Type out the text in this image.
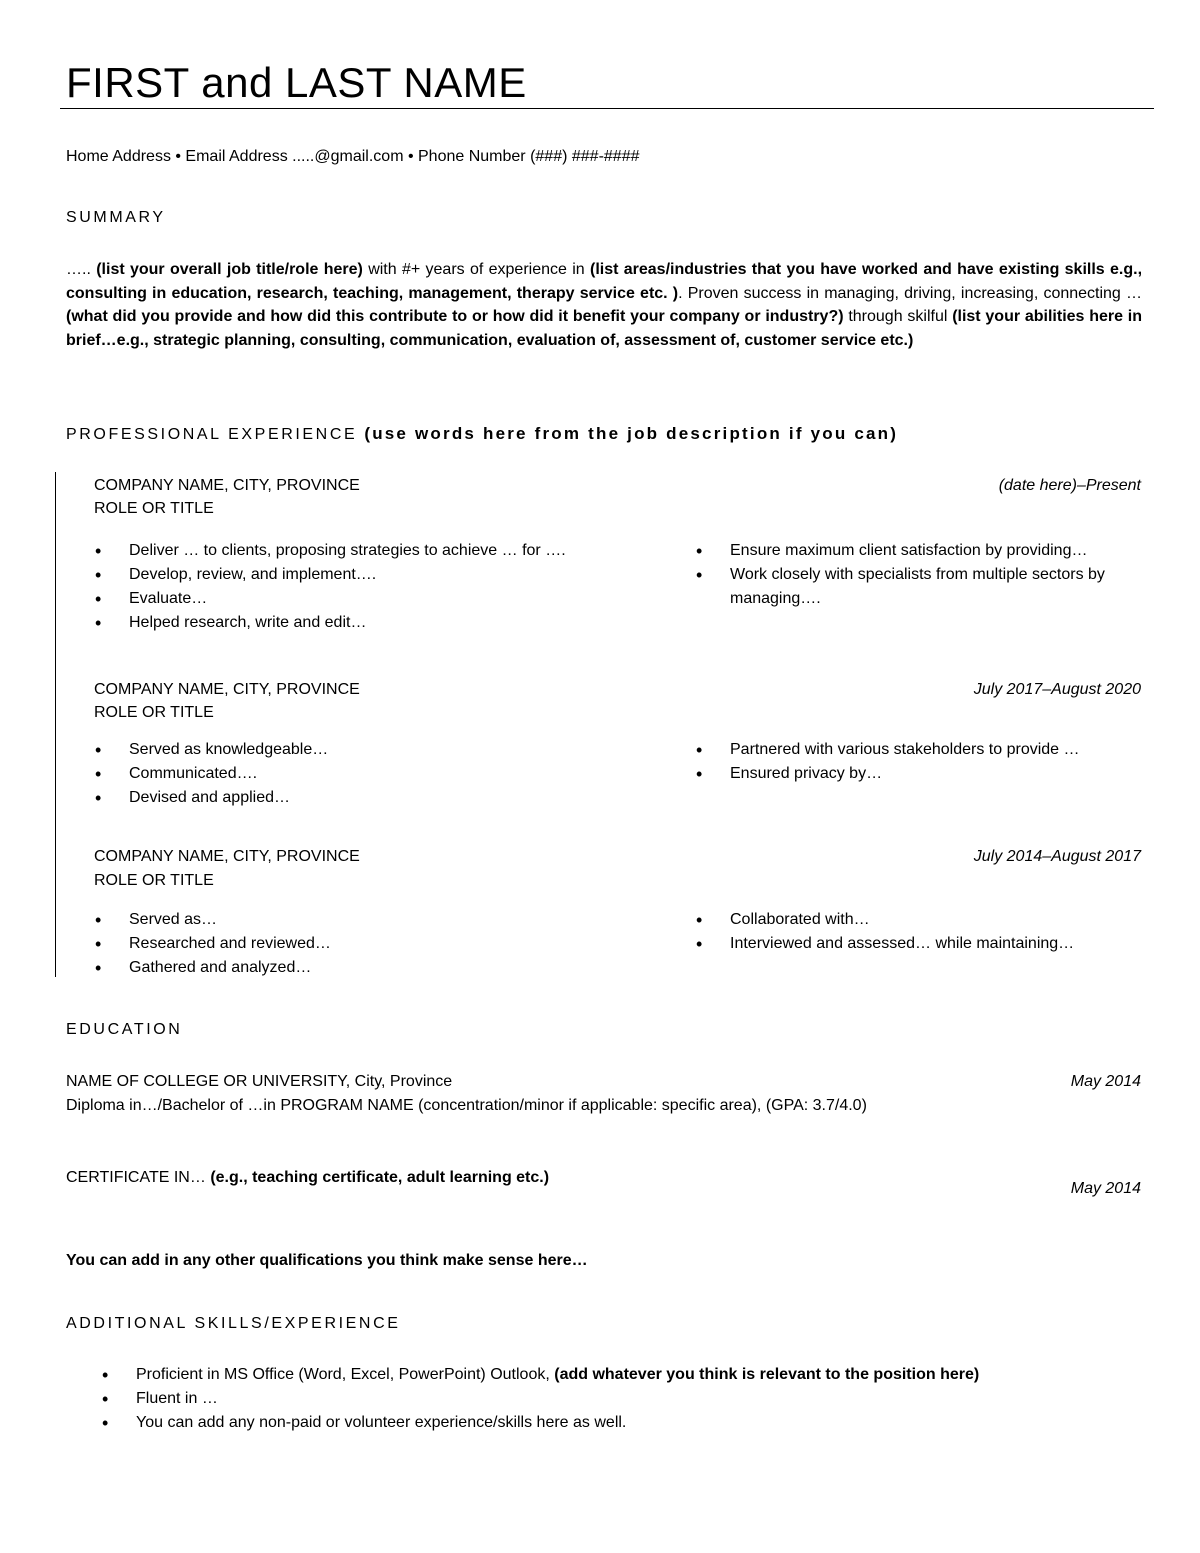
FIRST and LAST NAME
Home Address • Email Address .....@gmail.com • Phone Number (###) ###-####
SUMMARY
….. (list your overall job title/role here) with #+ years of experience in (list areas/industries that you have worked and have existing skills e.g., consulting in education, research, teaching, management, therapy service etc. ). Proven success in managing, driving, increasing, connecting …(what did you provide and how did this contribute to or how did it benefit your company or industry?) through skilful (list your abilities here in brief…e.g., strategic planning, consulting, communication, evaluation of, assessment of, customer service etc.)
PROFESSIONAL EXPERIENCE (use words here from the job description if you can)
COMPANY NAME, CITY, PROVINCE	(date here)–Present
ROLE OR TITLE
• Deliver … to clients, proposing strategies to achieve … for ….
• Develop, review, and implement….
• Evaluate…
• Helped research, write and edit…
• Ensure maximum client satisfaction by providing…
• Work closely with specialists from multiple sectors by managing….
COMPANY NAME, CITY, PROVINCE	July 2017–August 2020
ROLE OR TITLE
• Served as knowledgeable…
• Communicated….
• Devised and applied…
• Partnered with various stakeholders to provide …
• Ensured privacy by…
COMPANY NAME, CITY, PROVINCE	July 2014–August 2017
ROLE OR TITLE
• Served as…
• Researched and reviewed…
• Gathered and analyzed…
• Collaborated with…
• Interviewed and assessed… while maintaining…
EDUCATION
NAME OF COLLEGE OR UNIVERSITY, City, Province	May 2014
Diploma in…/Bachelor of …in PROGRAM NAME (concentration/minor if applicable: specific area), (GPA: 3.7/4.0)
CERTIFICATE IN… (e.g., teaching certificate, adult learning etc.)
May 2014
You can add in any other qualifications you think make sense here…
ADDITIONAL SKILLS/EXPERIENCE
• Proficient in MS Office (Word, Excel, PowerPoint) Outlook, (add whatever you think is relevant to the position here)
• Fluent in …
• You can add any non-paid or volunteer experience/skills here as well.
